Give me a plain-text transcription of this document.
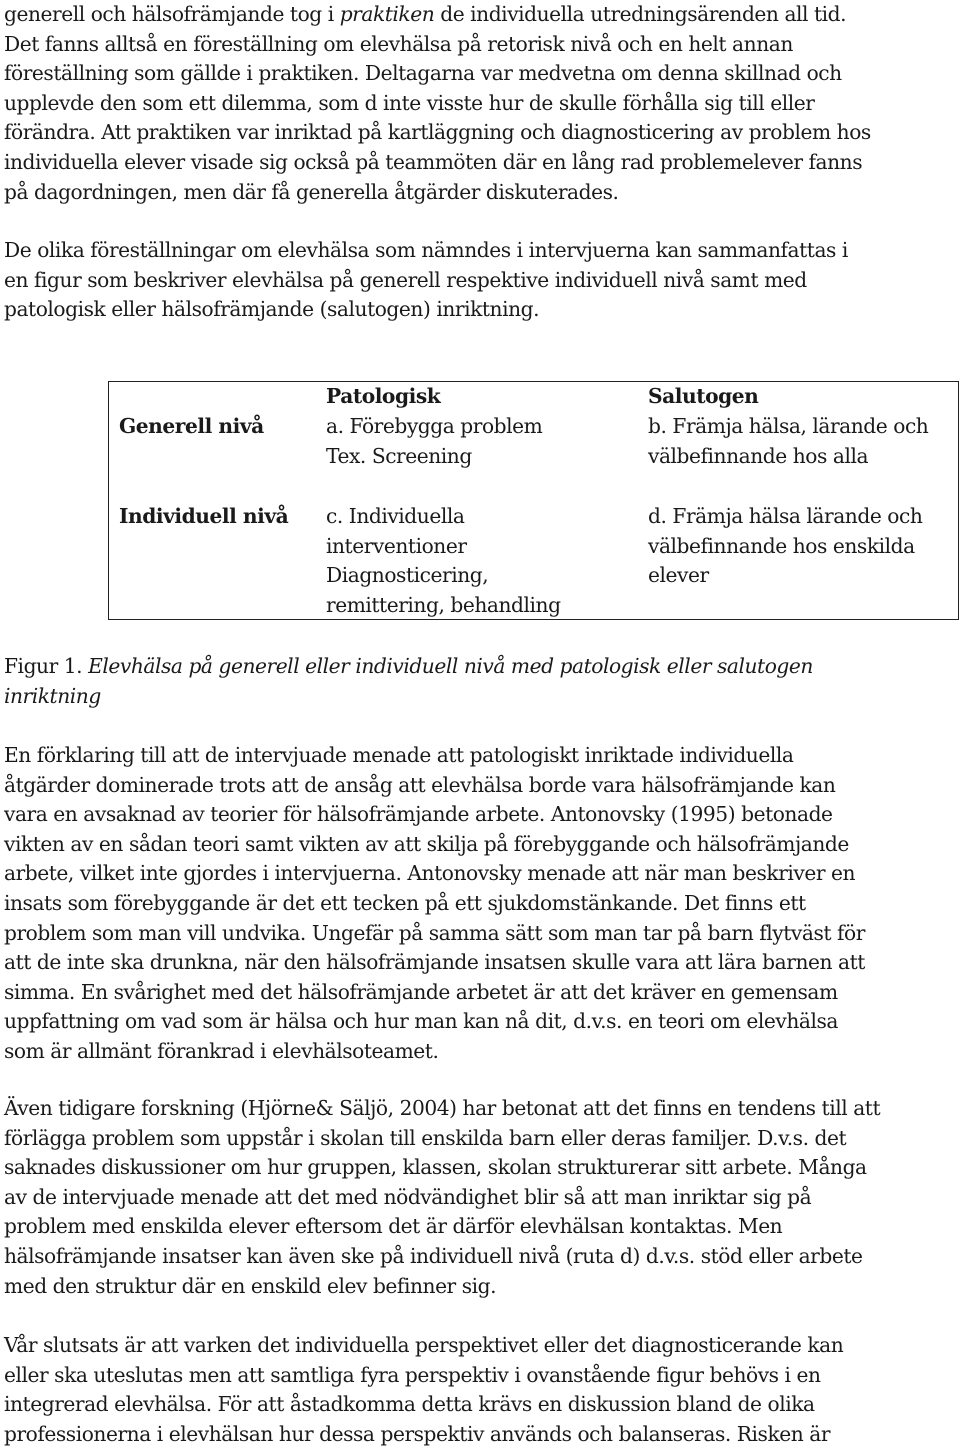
generell och hälsofrämjande tog i praktiken de individuella utredningsärenden all tid.
Det fanns alltså en föreställning om elevhälsa på retorisk nivå och en helt annan
föreställning som gällde i praktiken. Deltagarna var medvetna om denna skillnad och
upplevde den som ett dilemma, som d inte visste hur de skulle förhålla sig till eller
förändra. Att praktiken var inriktad på kartläggning och diagnosticering av problem hos
individuella elever visade sig också på teammöten där en lång rad problemelever fanns
på dagordningen, men där få generella åtgärder diskuterades.

De olika föreställningar om elevhälsa som nämndes i intervjuerna kan sammanfattas i
en figur som beskriver elevhälsa på generell respektive individuell nivå samt med
patologisk eller hälsofrämjande (salutogen) inriktning.

Patologisk	Salutogen
Generell nivå
Individuell nivå
a. Förebygga problem
Tex. Screening
b. Främja hälsa, lärande och
välbefinnande hos alla
c. Individuella
interventioner
Diagnosticering,
remittering, behandling
d. Främja hälsa lärande och
välbefinnande hos enskilda
elever
Figur 1. Elevhälsa på generell eller individuell nivå med patologisk eller salutogen
inriktning

En förklaring till att de intervjuade menade att patologiskt inriktade individuella
åtgärder dominerade trots att de ansåg att elevhälsa borde vara hälsofrämjande kan
vara en avsaknad av teorier för hälsofrämjande arbete. Antonovsky (1995) betonade
vikten av en sådan teori samt vikten av att skilja på förebyggande och hälsofrämjande
arbete, vilket inte gjordes i intervjuerna. Antonovsky menade att när man beskriver en
insats som förebyggande är det ett tecken på ett sjukdomstänkande. Det finns ett
problem som man vill undvika. Ungefär på samma sätt som man tar på barn flytväst för
att de inte ska drunkna, när den hälsofrämjande insatsen skulle vara att lära barnen att
simma. En svårighet med det hälsofrämjande arbetet är att det kräver en gemensam
uppfattning om vad som är hälsa och hur man kan nå dit, d.v.s. en teori om elevhälsa
som är allmänt förankrad i elevhälsoteamet.

Även tidigare forskning (Hjörne& Säljö, 2004) har betonat att det finns en tendens till att
förlägga problem som uppstår i skolan till enskilda barn eller deras familjer. D.v.s. det
saknades diskussioner om hur gruppen, klassen, skolan strukturerar sitt arbete. Många
av de intervjuade menade att det med nödvändighet blir så att man inriktar sig på
problem med enskilda elever eftersom det är därför elevhälsan kontaktas. Men
hälsofrämjande insatser kan även ske på individuell nivå (ruta d) d.v.s. stöd eller arbete
med den struktur där en enskild elev befinner sig.

Vår slutsats är att varken det individuella perspektivet eller det diagnosticerande kan
eller ska uteslutas men att samtliga fyra perspektiv i ovanstående figur behövs i en
integrerad elevhälsa. För att åstadkomma detta krävs en diskussion bland de olika
professionerna i elevhälsan hur dessa perspektiv används och balanseras. Risken är
